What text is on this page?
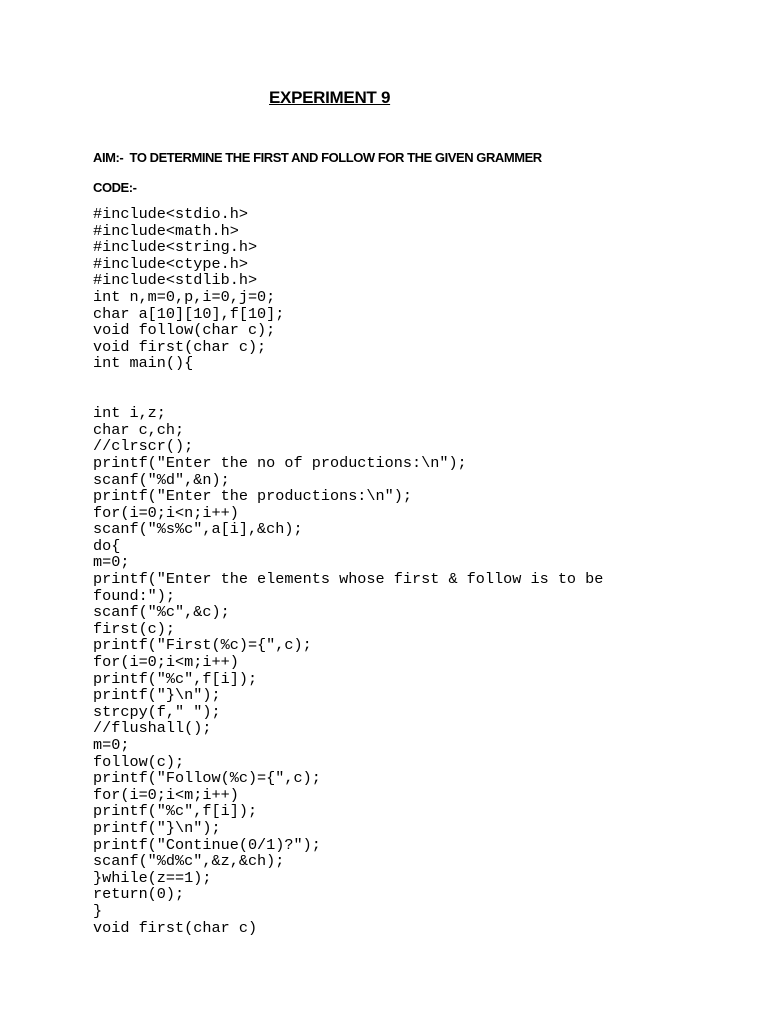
EXPERIMENT 9
AIM:-  TO DETERMINE THE FIRST AND FOLLOW FOR THE GIVEN GRAMMER
CODE:-
#include<stdio.h>
#include<math.h>
#include<string.h>
#include<ctype.h>
#include<stdlib.h>
int n,m=0,p,i=0,j=0;
char a[10][10],f[10];
void follow(char c);
void first(char c);
int main(){
int i,z;
char c,ch;
//clrscr();
printf("Enter the no of productions:\n");
scanf("%d",&n);
printf("Enter the productions:\n");
for(i=0;i<n;i++)
scanf("%s%c",a[i],&ch);
do{
m=0;
printf("Enter the elements whose first & follow is to be
found:");
scanf("%c",&c);
first(c);
printf("First(%c)={",c);
for(i=0;i<m;i++)
printf("%c",f[i]);
printf("}\n");
strcpy(f," ");
//flushall();
m=0;
follow(c);
printf("Follow(%c)={",c);
for(i=0;i<m;i++)
printf("%c",f[i]);
printf("}\n");
printf("Continue(0/1)?");
scanf("%d%c",&z,&ch);
}while(z==1);
return(0);
}
void first(char c)
